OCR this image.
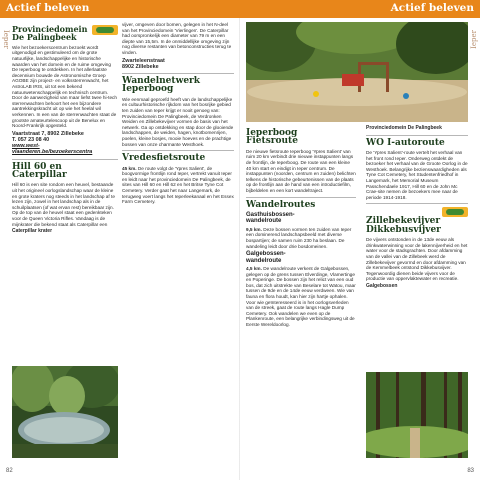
Actief beleven
Ieper
Provinciedomein
De Palingbeek

Wie het bezoekerscentrum bezoekt wordt uitgenodigd en gestimuleerd om de grote natuurlijke, landschappelijke en historische waarden van het domein en de ruime omgeving De Ieperboog te ontdekken. In het allerlaatste decennium bouwde de Astronomische Groep AGOBE zijn project- en volkssterrenwacht, het AstroLAB IRIS, uit tot een bekend natuurwetenschappelijk en technisch centrum. Door de aanwezigheid van maar liefst twee hi-tech sterrenwachten behoort het een bijzondere aantrekkingskracht uit op wie het heelal wil verkennen. In een van de sterrenwachten staat de grootste amateurtelescoop uit de Benelux en Noord-Frankrijk opgesteld.

Vaartstraat 7, 8902 Zillebeke
T. 057 23 08 40
www.west-vlaanderen.be/bezoekerscentra
Hill 60 en Caterpillar

Hill 60 is een site rondom een heuvel, bestaande uit het origineel oorlogslandschap waar de kleine en grote kraters nog steeds in het landschap af te lezen zijn, zowel in het landschap als in de schuilplaatsen (of wat ervan rest) bereikbaar zijn. Op de top van de heuvel staat een gedenkteken voor de Queen Victoria Rifles. Vandaag is de mijnkrater die bekend staat als Caterpillar een

Caterpillar krater

vijver, omgeven door bomen, gelegen in het N-deel van het Provinciedomein 'Vierlingen'. De Caterpillar had oorspronkelijk een diameter van 79 m en een diepte van 15,5m. In de onmiddellijke omgeving zijn nog diverse restanten van betonconstructies terug te vinden.

Zwarteleenstraat
8902 Zillebeke
Wandelnetwerk
Ieperboog

Wie eenmaal geproefd heeft van de landschappelijke en cultuurhistorische rijkdom van het bosrijke gebied ten zuiden van Ieper krijgt er nooit genoeg van: Provinciedomein De Palingbeek, de Verdronken Weiden en Zillebekevijver vormen de basis van het netwerk. Ga op ontdekking en stap door de glooiende landschappen, de weiden, hagen, knotbomenrijen, poelen, kleine bosjes, mooie hoeves en de prachtige bossen van onze charmante Westhoek.

Vredesfietsroute

45 km. De route volgt de 'Ypres Salient', de boogvormige frontlijn rond Ieper, vertrekt vanuit Ieper en leidt naar het provinciedomein De Palingbeek, de sites van Hill 60 en Hill 62 en het Britse Tyne Cot Cemetery. Verder gaat het naar Langemark, de terugweg voert langs het Ieperleekanaal en het Essex Farm Cemetery.

82
Actief beleven
Ieper
Ieperboog
Fietsroute

De nieuwe fietsroute Ieperboog 'Ypres Salient' van ruim 20 km verbindt drie nieuwe instappunten langs de frontlijn, de Ieperboog. De route van een kleine 40 km start en eindigt in Ieper centrum. De instappunten (noorden, centrum en zuiden) belichten telkens de historische gebeurtenissen van de plaats op de frontlijn aan de hand van een introductiefilm, bijbeldelen en een kort wandeltraject.

Wandelroutes
Gasthuisbossen-
wandelroute

9,5 km. Deze bossen vormen ten zuiden van Ieper een dominerend landschapsbeeld met diverse bospartijen; de samen ruim 230 ha beslaan. De wandeling leidt door drie bosdomeinen.

Galgebossen-
wandelroute

4,5 km. De wandelroute verkent de Galgebossen, gelegen op de grens tussen Elverdinge, Vlamertinge en Poperinge. De bossen zijn het relict van een oud bos, dat zich uitstrekte van Beselare tot Watou, maar tussen de 9de en de 14de eeuw verdween. Wie van fauna en flora houdt, kan hier zijn hartje ophalen. Voor wie geïnteresseerd is in het oorlogsverleden van de streek, gaat de route langs Hagle Dump Cemetery. Ook wandelen we even op de Plankenroute, een belangrijke verbindingsweg uit de Eerste Wereldoorlog.

Provinciedomein De Palingbeek
WO I-autoroute

De 'Ypres Salient'-route vertelt het verhaal van het front rond Ieper. Onderweg ontdekt de bezoeker het verhaal van de Groote Oorlog in de Westhoek. Belangrijke bezienswaardigheden als Tyne Cot Cemetery, het Studentenfriedhof in Langemark, het Memorial Museum Passchendaele 1917, Hill 60 en de John Mc Crae-site nemen de bezoekers mee naar de periode 1914-1918.

Zillebekevijver
Dikkebusvijver

De vijvers ontstonden in de 13de eeuw als drinkwaterwinning voor de lakennijverheid en het water voor de stadsgrachten. Door afdamming van de vallei van de Zillebeek werd de Zillebekevijver gevormd en door afdamming van de Kemmelbeek ontstond Dikkebusvijver. Tegenwoordig dienen beide vijvers voor de productie van oppervlaktewater en recreatie.

Galgebossen
83
